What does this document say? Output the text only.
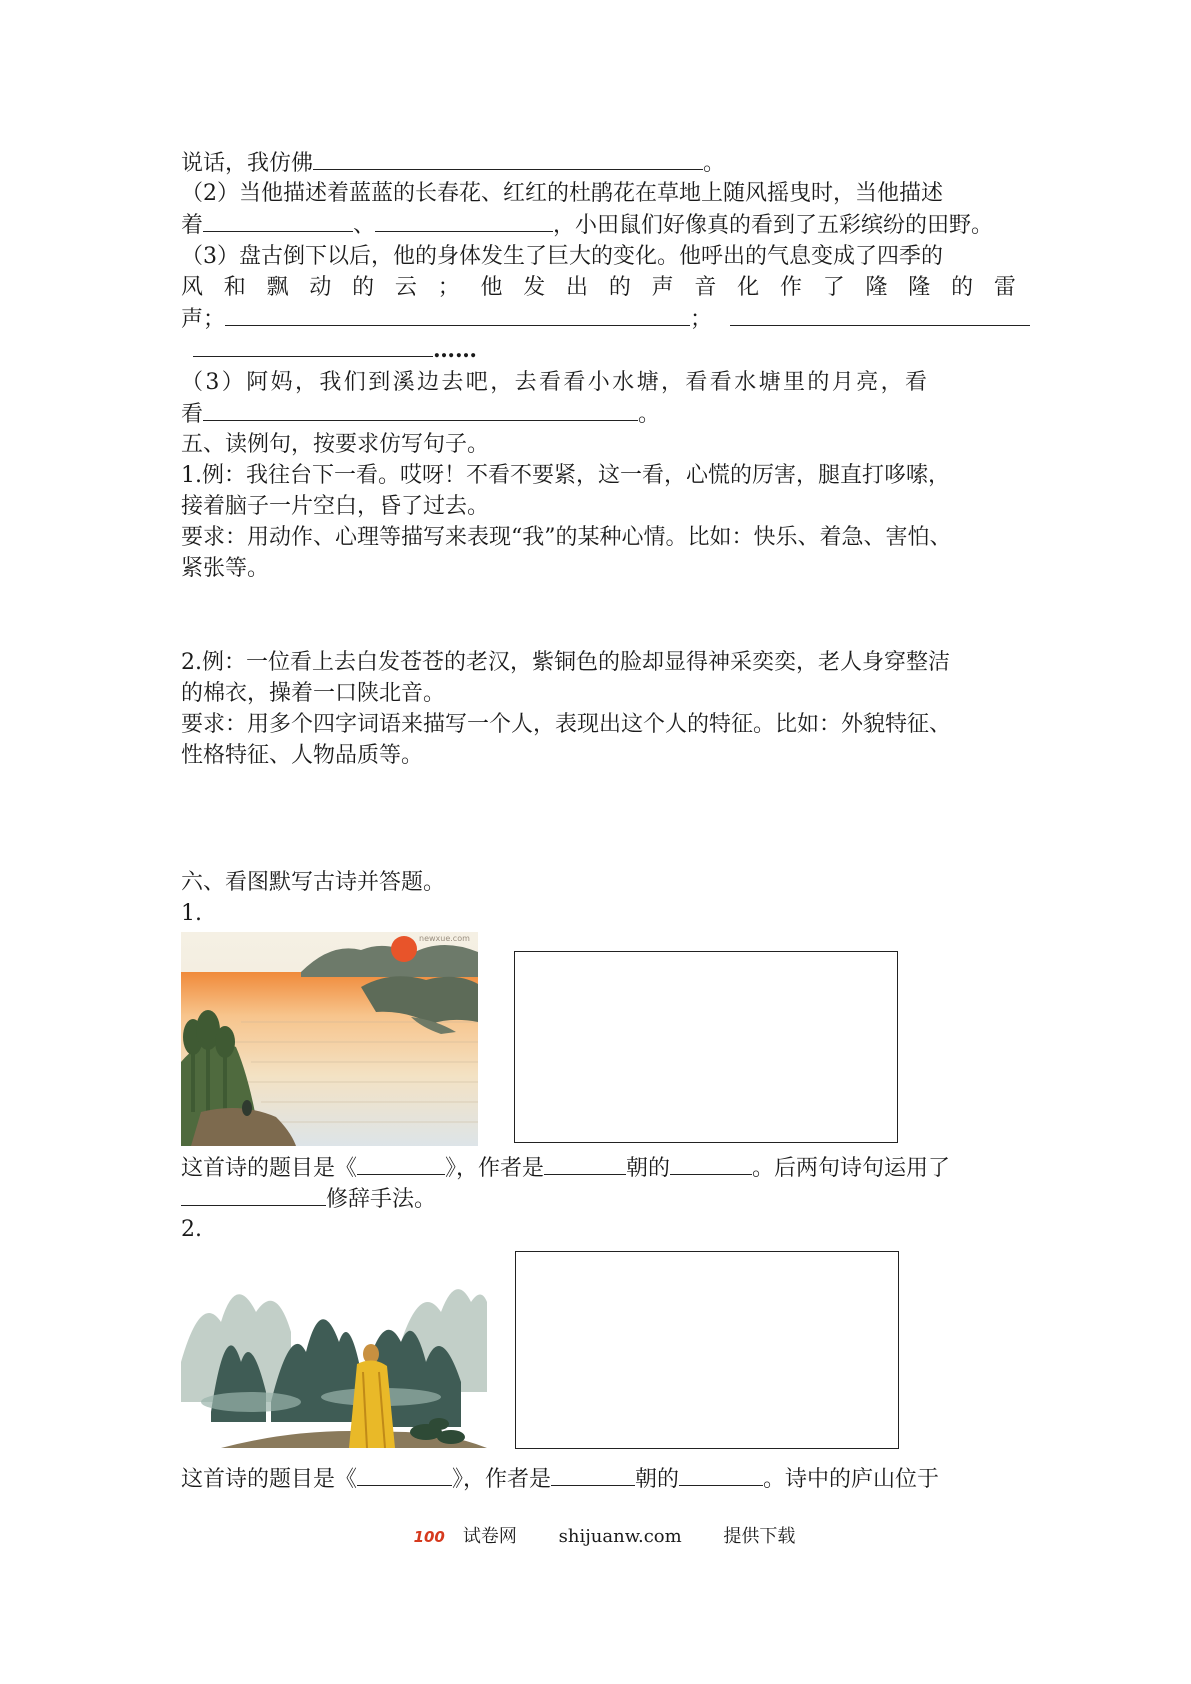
说话，我仿佛	。
（2）当他描述着蓝蓝的长春花、红红的杜鹃花在草地上随风摇曳时，当他描述
着	、	，小田鼠们好像真的看到了五彩缤纷的田野。
（3）盘古倒下以后，他的身体发生了巨大的变化。他呼出的气息变成了四季的
风 和 飘 动 的 云 ； 他 发 出 的 声 音 化 作 了 隆 隆 的 雷
声；	；
……
（3）阿妈，我们到溪边去吧，去看看小水塘，看看水塘里的月亮，看
看	。
五、读例句，按要求仿写句子。
1.例：我往台下一看。哎呀！不看不要紧，这一看，心慌的厉害，腿直打哆嗦，
接着脑子一片空白，昏了过去。
要求：用动作、心理等描写来表现“我”的某种心情。比如：快乐、着急、害怕、
紧张等。
2.例：一位看上去白发苍苍的老汉，紫铜色的脸却显得神采奕奕，老人身穿整洁
的棉衣，操着一口陕北音。
要求：用多个四字词语来描写一个人，表现出这个人的特征。比如：外貌特征、
性格特征、人物品质等。
六、看图默写古诗并答题。
1.
newxue.com
这首诗的题目是《	》，作者是	朝的	。后两句诗句运用了
修辞手法。
2.
这首诗的题目是《	》，作者是	朝的	。诗中的庐山位于
100 试卷网 shijuanw.com 提供下载
